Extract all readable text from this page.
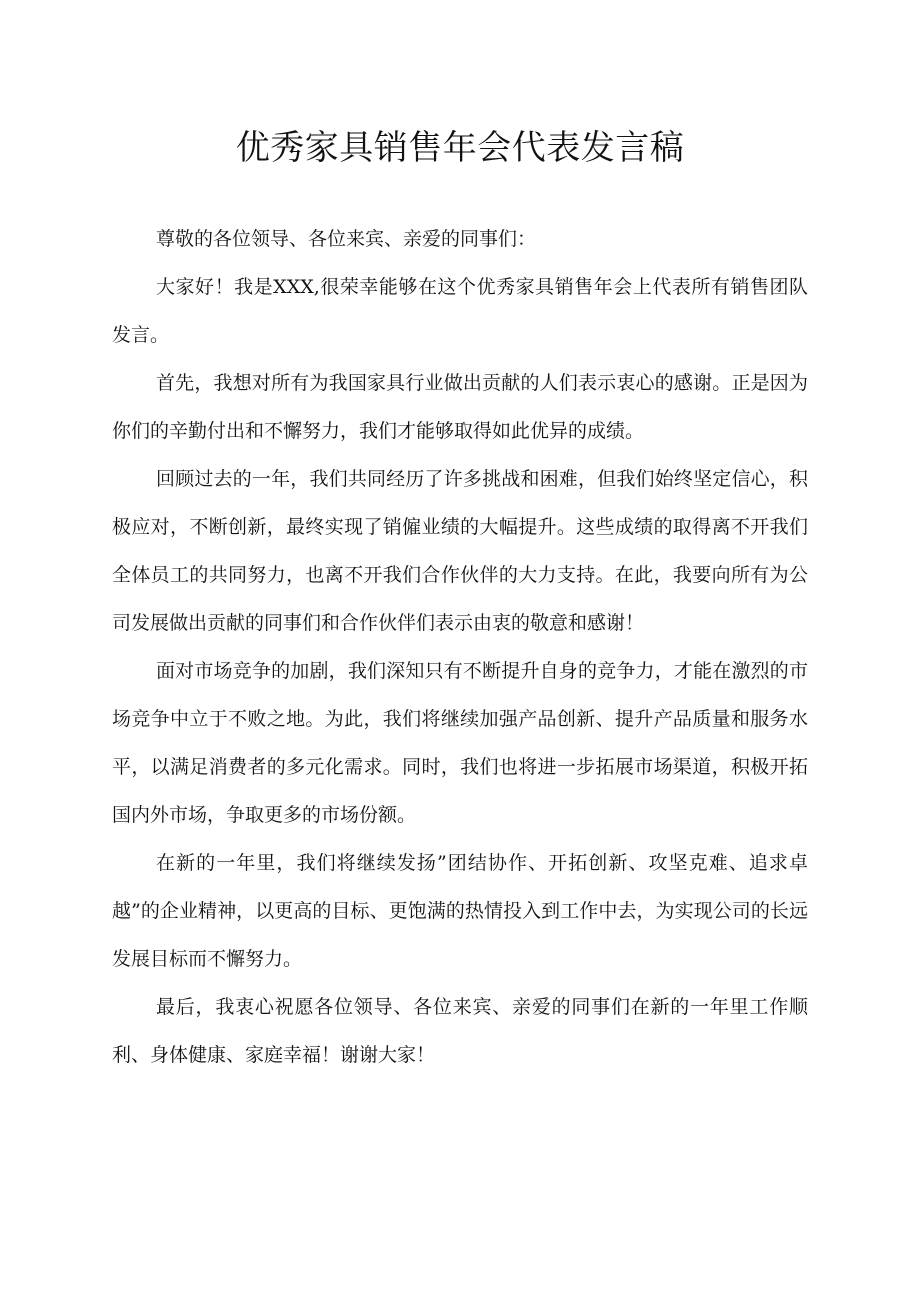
优秀家具销售年会代表发言稿

尊敬的各位领导、各位来宾、亲爱的同事们：

大家好！我是XXX,很荣幸能够在这个优秀家具销售年会上代表所有销售团队发言。

首先，我想对所有为我国家具行业做出贡献的人们表示衷心的感谢。正是因为你们的辛勤付出和不懈努力，我们才能够取得如此优异的成绩。

回顾过去的一年，我们共同经历了许多挑战和困难，但我们始终坚定信心，积极应对，不断创新，最终实现了销僱业绩的大幅提升。这些成绩的取得离不开我们全体员工的共同努力，也离不开我们合作伙伴的大力支持。在此，我要向所有为公司发展做出贡献的同事们和合作伙伴们表示由衷的敬意和感谢！

面对市场竞争的加剧，我们深知只有不断提升自身的竞争力，才能在激烈的市场竞争中立于不败之地。为此，我们将继续加强产品创新、提升产品质量和服务水平，以满足消费者的多元化需求。同时，我们也将进一步拓展市场渠道，积极开拓国内外市场，争取更多的市场份额。

在新的一年里，我们将继续发扬”团结协作、开拓创新、攻坚克难、追求卓越”的企业精神，以更高的目标、更饱满的热情投入到工作中去，为实现公司的长远发展目标而不懈努力。

最后，我衷心祝愿各位领导、各位来宾、亲爱的同事们在新的一年里工作顺利、身体健康、家庭幸福！谢谢大家！
